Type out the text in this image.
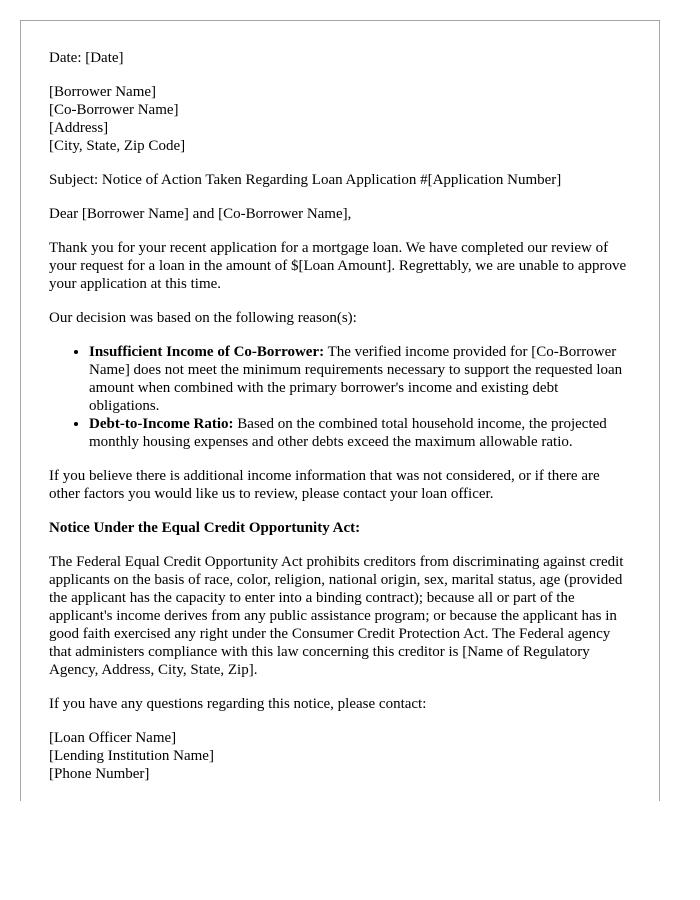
Date: [Date]
[Borrower Name]
[Co-Borrower Name]
[Address]
[City, State, Zip Code]
Subject: Notice of Action Taken Regarding Loan Application #[Application Number]
Dear [Borrower Name] and [Co-Borrower Name],
Thank you for your recent application for a mortgage loan. We have completed our review of your request for a loan in the amount of $[Loan Amount]. Regrettably, we are unable to approve your application at this time.
Our decision was based on the following reason(s):
• Insufficient Income of Co-Borrower: The verified income provided for [Co-Borrower Name] does not meet the minimum requirements necessary to support the requested loan amount when combined with the primary borrower's income and existing debt obligations.
• Debt-to-Income Ratio: Based on the combined total household income, the projected monthly housing expenses and other debts exceed the maximum allowable ratio.
If you believe there is additional income information that was not considered, or if there are other factors you would like us to review, please contact your loan officer.
Notice Under the Equal Credit Opportunity Act:
The Federal Equal Credit Opportunity Act prohibits creditors from discriminating against credit applicants on the basis of race, color, religion, national origin, sex, marital status, age (provided the applicant has the capacity to enter into a binding contract); because all or part of the applicant's income derives from any public assistance program; or because the applicant has in good faith exercised any right under the Consumer Credit Protection Act. The Federal agency that administers compliance with this law concerning this creditor is [Name of Regulatory Agency, Address, City, State, Zip].
If you have any questions regarding this notice, please contact:
[Loan Officer Name]
[Lending Institution Name]
[Phone Number]
